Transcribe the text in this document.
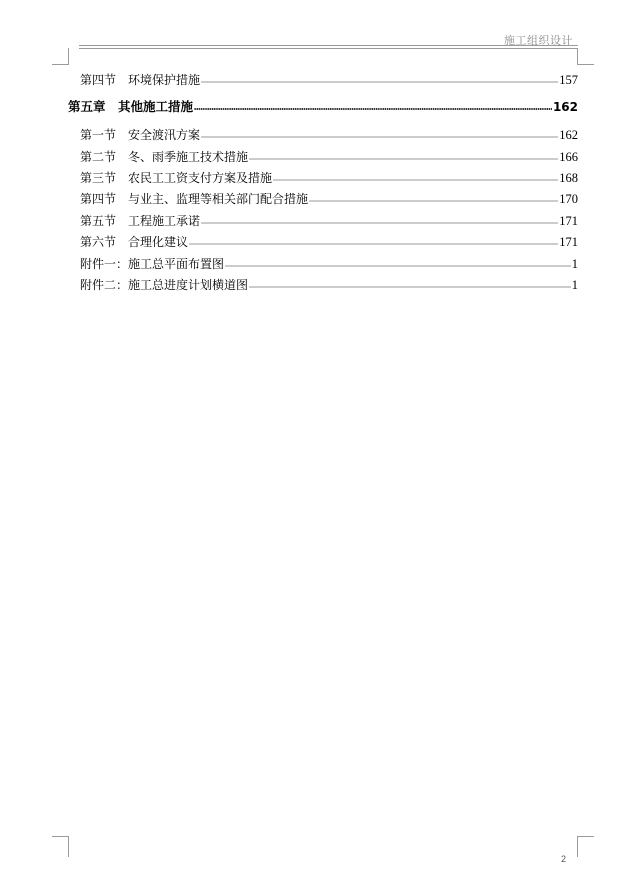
施工组织设计
第四节　环境保护措施	157
第五章　其他施工措施	162
第一节　安全渡汛方案	162
第二节　冬、雨季施工技术措施	166
第三节　农民工工资支付方案及措施	168
第四节　与业主、监理等相关部门配合措施	170
第五节　工程施工承诺	171
第六节　合理化建议	171
附件一：施工总平面布置图	1
附件二：施工总进度计划横道图	1
2
